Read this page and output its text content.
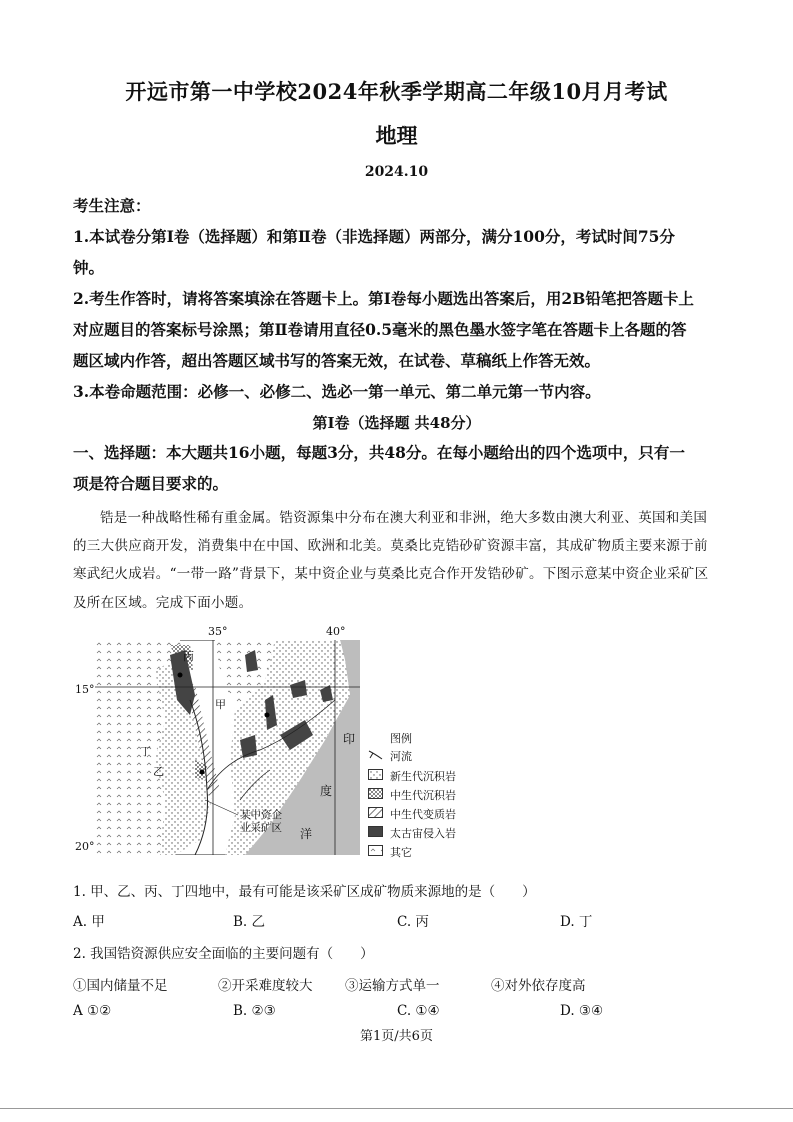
开远市第一中学校2024年秋季学期高二年级10月月考试
地理
2024.10
考生注意：
1.本试卷分第Ⅰ卷（选择题）和第Ⅱ卷（非选择题）两部分，满分100分，考试时间75分
钟。
2.考生作答时，请将答案填涂在答题卡上。第Ⅰ卷每小题选出答案后，用2B铅笔把答题卡上
对应题目的答案标号涂黑；第Ⅱ卷请用直径0.5毫米的黑色墨水签字笔在答题卡上各题的答
题区域内作答，超出答题区域书写的答案无效，在试卷、草稿纸上作答无效。
3.本卷命题范围：必修一、必修二、选必一第一单元、第二单元第一节内容。
第Ⅰ卷（选择题 共48分）
一、选择题：本大题共16小题，每题3分，共48分。在每小题给出的四个选项中，只有一
项是符合题目要求的。
锆是一种战略性稀有重金属。锆资源集中分布在澳大利亚和非洲，绝大多数由澳大利亚、英国和美国
的三大供应商开发，消费集中在中国、欧洲和北美。莫桑比克锆砂矿资源丰富，其成矿物质主要来源于前
寒武纪火成岩。“一带一路”背景下，某中资企业与莫桑比克合作开发锆砂矿。下图示意某中资企业采矿区
及所在区域。完成下面小题。
35°	40°
15°
20°
丙
甲
丁
乙
印
度
洋
某中资企
业采矿区
图例
河流
新生代沉积岩
中生代沉积岩
中生代变质岩
太古宙侵入岩
其它
1. 甲、乙、丙、丁四地中，最有可能是该采矿区成矿物质来源地的是（　　）
A. 甲	B. 乙	C. 丙	D. 丁
2. 我国锆资源供应安全面临的主要问题有（　　）
①国内储量不足	②开采难度较大 ③运输方式单一	④对外依存度高
A ①②	B. ②③	C. ①④	D. ③④
第1页/共6页
